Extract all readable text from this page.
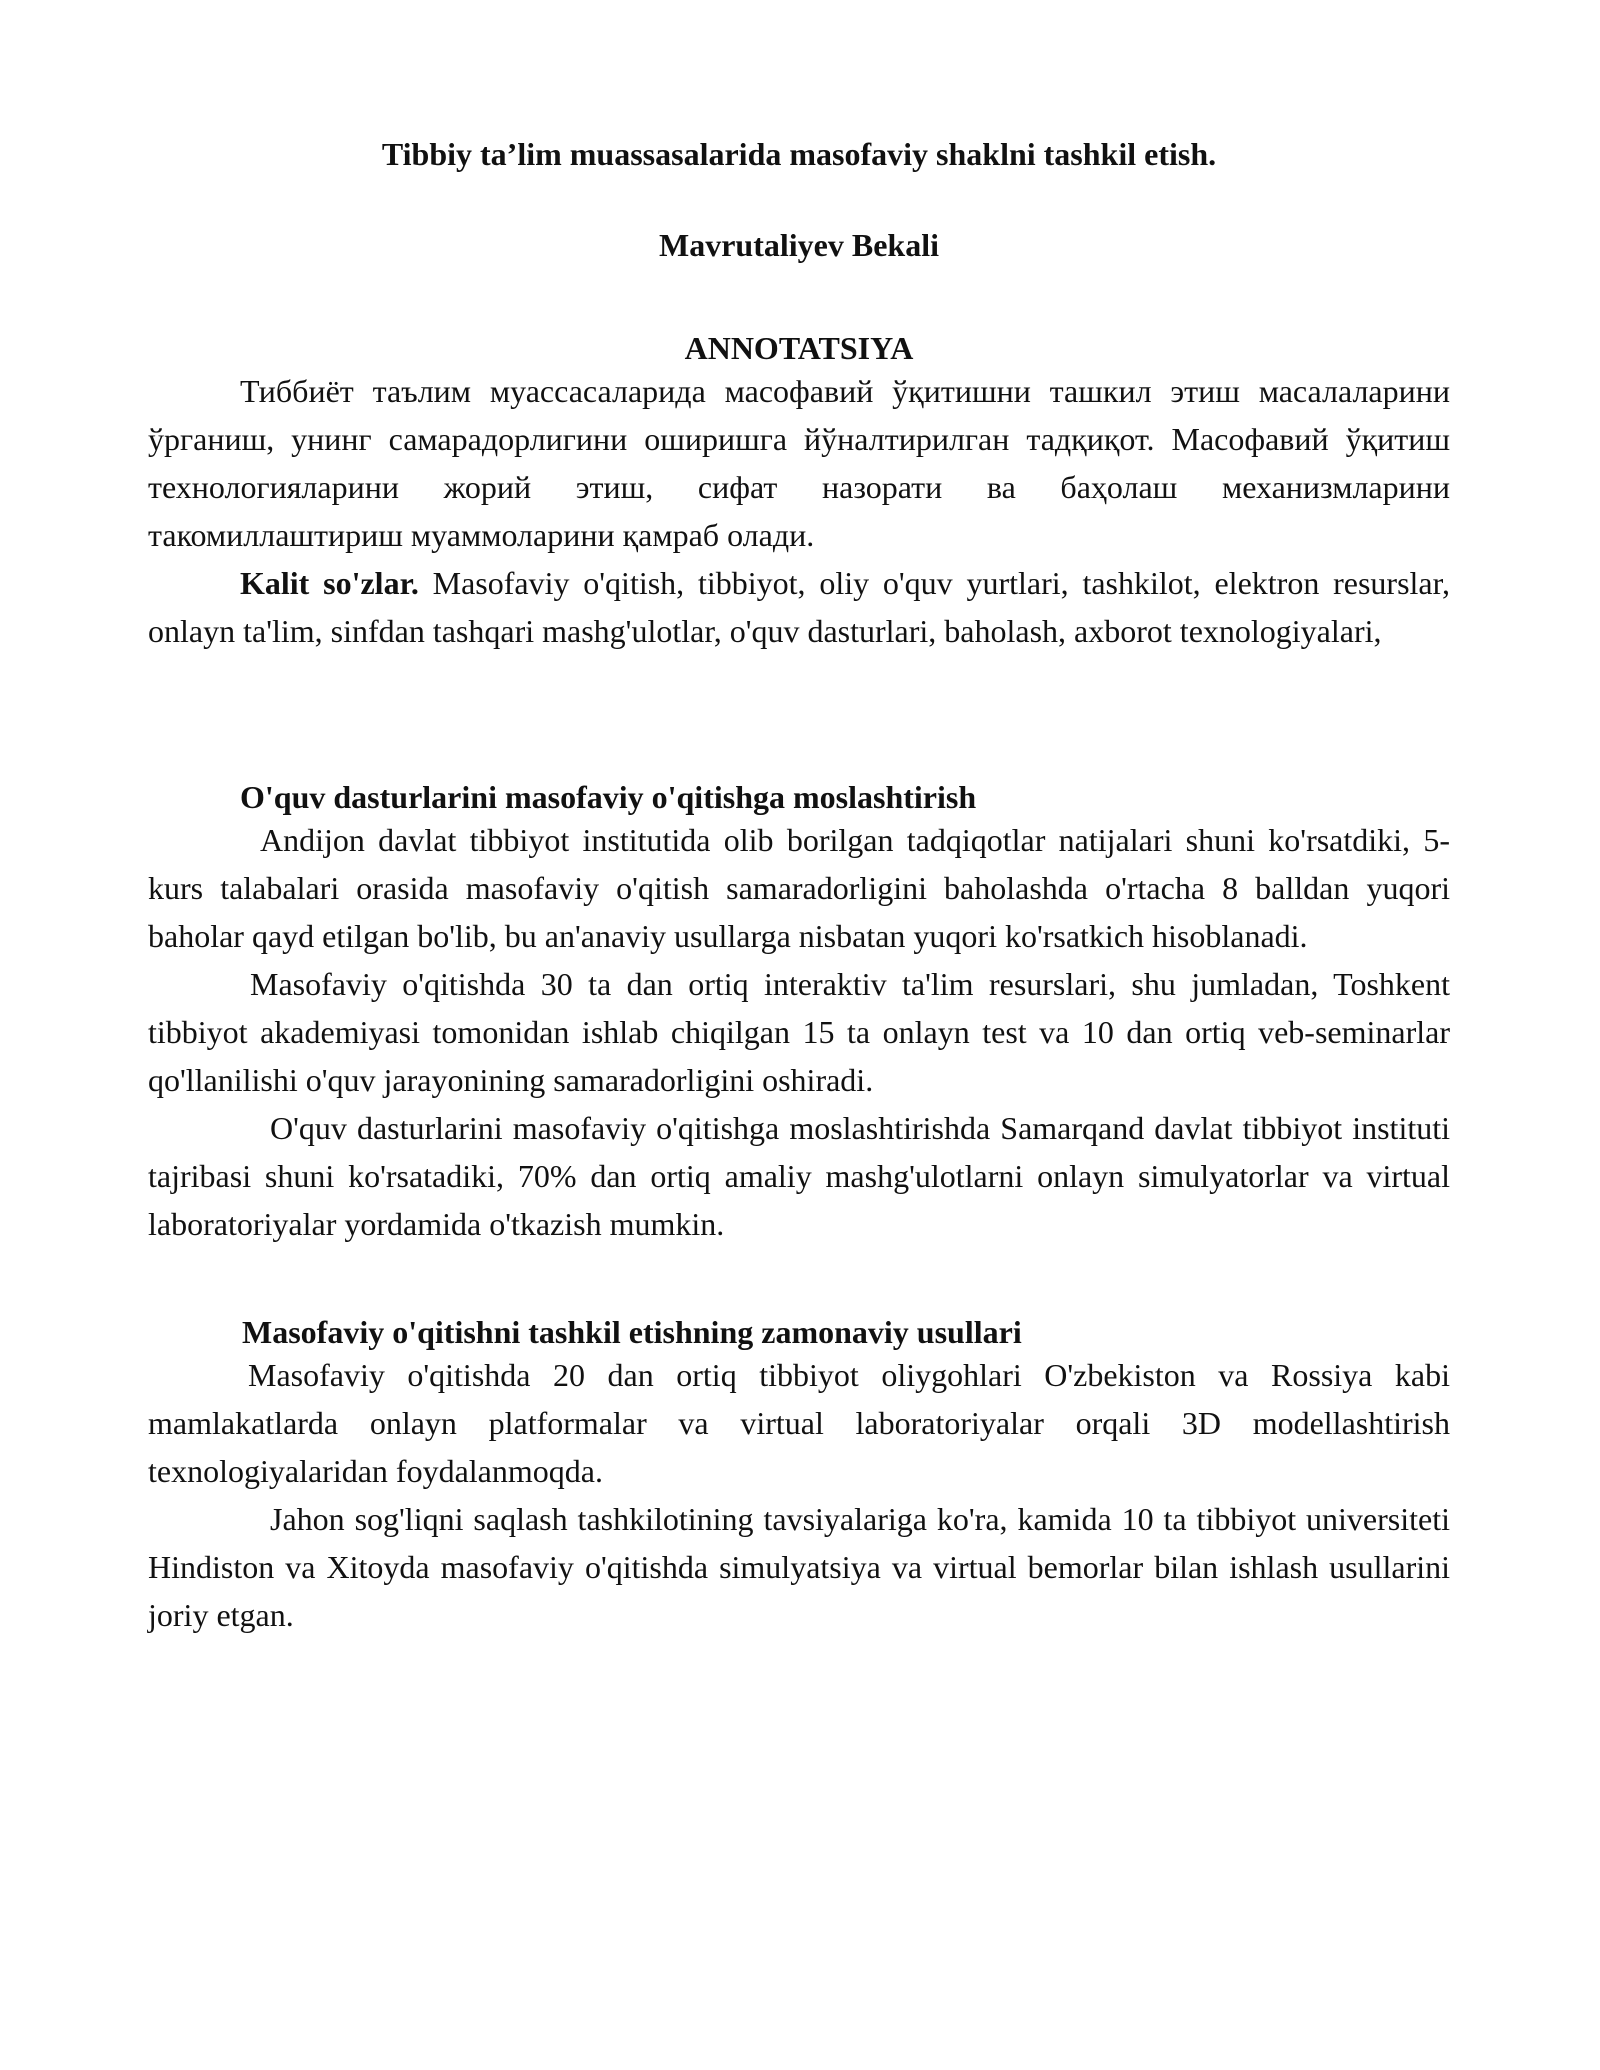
Tibbiy ta’lim muassasalarida masofaviy shaklni tashkil etish.
Mavrutaliyev Bekali
ANNOTATSIYA

Тиббиёт таълим муассасаларида масофавий ўқитишни ташкил этиш масалаларини ўрганиш, унинг самарадорлигини оширишга йўналтирилган тадқиқот. Масофавий ўқитиш технологияларини жорий этиш, сифат назорати ва баҳолаш механизмларини такомиллаштириш муаммоларини қамраб олади.

Kalit so'zlar. Masofaviy o'qitish, tibbiyot, oliy o'quv yurtlari, tashkilot, elektron resurslar, onlayn ta'lim, sinfdan tashqari mashg'ulotlar, o'quv dasturlari, baholash, axborot texnologiyalari,

O'quv dasturlarini masofaviy o'qitishga moslashtirish

Andijon davlat tibbiyot institutida olib borilgan tadqiqotlar natijalari shuni ko'rsatdiki, 5-kurs talabalari orasida masofaviy o'qitish samaradorligini baholashda o'rtacha 8 balldan yuqori baholar qayd etilgan bo'lib, bu an'anaviy usullarga nisbatan yuqori ko'rsatkich hisoblanadi.

Masofaviy o'qitishda 30 ta dan ortiq interaktiv ta'lim resurslari, shu jumladan, Toshkent tibbiyot akademiyasi tomonidan ishlab chiqilgan 15 ta onlayn test va 10 dan ortiq veb-seminarlar qo'llanilishi o'quv jarayonining samaradorligini oshiradi.

O'quv dasturlarini masofaviy o'qitishga moslashtirishda Samarqand davlat tibbiyot instituti tajribasi shuni ko'rsatadiki, 70% dan ortiq amaliy mashg'ulotlarni onlayn simulyatorlar va virtual laboratoriyalar yordamida o'tkazish mumkin.

Masofaviy o'qitishni tashkil etishning zamonaviy usullari

Masofaviy o'qitishda 20 dan ortiq tibbiyot oliygohlari O'zbekiston va Rossiya kabi mamlakatlarda onlayn platformalar va virtual laboratoriyalar orqali 3D modellashtirish texnologiyalaridan foydalanmoqda.

Jahon sog'liqni saqlash tashkilotining tavsiyalariga ko'ra, kamida 10 ta tibbiyot universiteti Hindiston va Xitoyda masofaviy o'qitishda simulyatsiya va virtual bemorlar bilan ishlash usullarini joriy etgan.
